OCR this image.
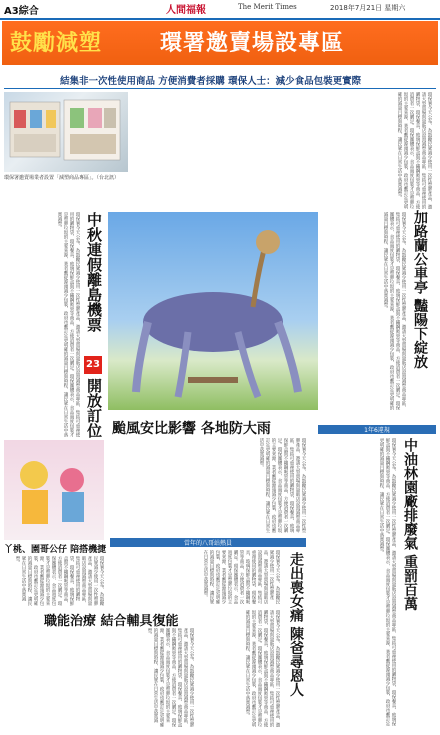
A3綜合	人間福報	The Merit Times	2018年7月21日 星期六
鼓勵減塑	環署邀賣場設專區
結集非一次性使用商品 方便消費者採購 環保人士：減少食品包裝更實際
環保署邀賣場業者設置「減塑商品專區」。（台北訊）	環保署今天公布，為鼓勵民眾減少使用一次性塑膠產品，邀請大型賣場與量販店設置減塑商品專區，集結可重複使用的購物袋、環保餐具、玻璃保鮮盒與不鏽鋼吸管等商品，方便消費者一次購足。環保團體表示，食品過度包裝才是塑膠垃圾的主要來源，業者應從源頭減少包裝，政府也應訂定更明確的減量目標與時程，讓民眾在日常生活中落實減塑。
中秋連假離島機票
23
開放訂位
環保署今天公布，為鼓勵民眾減少使用一次性塑膠產品，邀請大型賣場與量販店設置減塑商品專區，集結可重複使用的購物袋、環保餐具、玻璃保鮮盒與不鏽鋼吸管等商品，方便消費者一次購足。環保團體表示，食品過度包裝才是塑膠垃圾的主要來源，業者應從源頭減少包裝，政府也應訂定更明確的減量目標與時程，讓民眾在日常生活中落實減塑。	加路蘭公車亭 豔陽下綻放
環保署今天公布，為鼓勵民眾減少使用一次性塑膠產品，邀請大型賣場與量販店設置減塑商品專區，集結可重複使用的購物袋、環保餐具、玻璃保鮮盒與不鏽鋼吸管等商品，方便消費者一次購足。環保團體表示，食品過度包裝才是塑膠垃圾的主要來源，業者應從源頭減少包裝，政府也應訂定更明確的減量目標與時程，讓民眾在日常生活中落實減塑。
颱風安比影響 各地防大雨
環保署今天公布，為鼓勵民眾減少使用一次性塑膠產品，邀請大型賣場與量販店設置減塑商品專區，集結可重複使用的購物袋、環保餐具、玻璃保鮮盒與不鏽鋼吸管等商品，方便消費者一次購足。環保團體表示，食品過度包裝才是塑膠垃圾的主要來源，業者應從源頭減少包裝，政府也應訂定更明確的減量目標與時程，讓民眾在日常生活中落實減塑。
1年6違規
中油林園廠排廢氣 重罰百萬
環保署今天公布，為鼓勵民眾減少使用一次性塑膠產品，邀請大型賣場與量販店設置減塑商品專區，集結可重複使用的購物袋、環保餐具、玻璃保鮮盒與不鏽鋼吸管等商品，方便消費者一次購足。環保團體表示，食品過度包裝才是塑膠垃圾的主要來源，業者應從源頭減少包裝，政府也應訂定更明確的減量目標與時程，讓民眾在日常生活中落實減塑。
丫桃、園哥公仔 陪搭機捷
環保署今天公布，為鼓勵民眾減少使用一次性塑膠產品，邀請大型賣場與量販店設置減塑商品專區，集結可重複使用的購物袋、環保餐具、玻璃保鮮盒與不鏽鋼吸管等商品，方便消費者一次購足。環保團體表示，食品過度包裝才是塑膠垃圾的主要來源，業者應從源頭減少包裝，政府也應訂定更明確的減量目標與時程，讓民眾在日常生活中落實減塑。
當年的八哥站熱員
走出喪女痛 陳爸尋恩人
環保署今天公布，為鼓勵民眾減少使用一次性塑膠產品，邀請大型賣場與量販店設置減塑商品專區，集結可重複使用的購物袋、環保餐具、玻璃保鮮盒與不鏽鋼吸管等商品，方便消費者一次購足。環保團體表示，食品過度包裝才是塑膠垃圾的主要來源，業者應從源頭減少包裝，政府也應訂定更明確的減量目標與時程，讓民眾在日常生活中落實減塑。
環保署今天公布，為鼓勵民眾減少使用一次性塑膠產品，邀請大型賣場與量販店設置減塑商品專區，集結可重複使用的購物袋、環保餐具、玻璃保鮮盒與不鏽鋼吸管等商品，方便消費者一次購足。環保團體表示，食品過度包裝才是塑膠垃圾的主要來源，業者應從源頭減少包裝，政府也應訂定更明確的減量目標與時程，讓民眾在日常生活中落實減塑。
職能治療 結合輔具復能
環保署今天公布，為鼓勵民眾減少使用一次性塑膠產品，邀請大型賣場與量販店設置減塑商品專區，集結可重複使用的購物袋、環保餐具、玻璃保鮮盒與不鏽鋼吸管等商品，方便消費者一次購足。環保團體表示，食品過度包裝才是塑膠垃圾的主要來源，業者應從源頭減少包裝，政府也應訂定更明確的減量目標與時程，讓民眾在日常生活中落實減塑。
